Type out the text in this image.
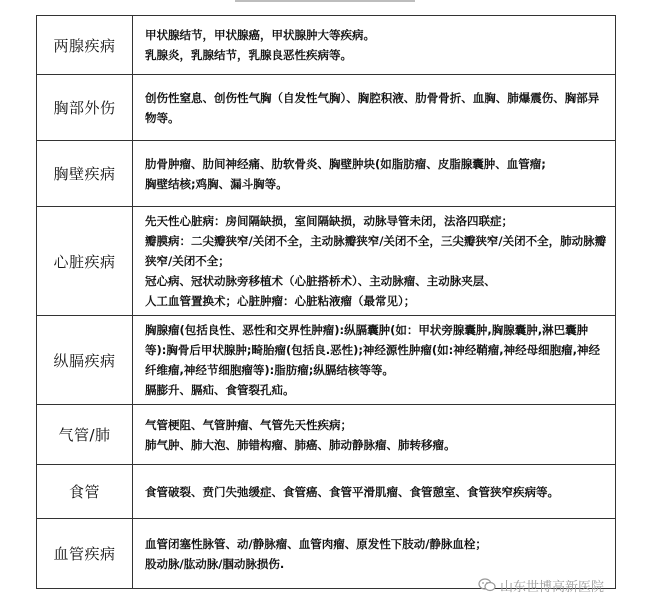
两腺疾病	甲状腺结节，甲状腺癌，甲状腺肿大等疾病。
乳腺炎，乳腺结节，乳腺良恶性疾病等。

胸部外伤	创伤性窒息、创伤性气胸（自发性气胸）、胸腔积液、肋骨骨折、血胸、肺爆震伤、胸部异物等。

胸壁疾病	肋骨肿瘤、肋间神经痛、肋软骨炎、胸壁肿块(如脂肪瘤、皮脂腺囊肿、血管瘤;
胸壁结核;鸡胸、漏斗胸等。

心脏疾病	先天性心脏病：房间隔缺损，室间隔缺损，动脉导管未闭，法洛四联症；
瓣膜病：二尖瓣狭窄/关闭不全，主动脉瓣狭窄/关闭不全，三尖瓣狭窄/关闭不全，肺动脉瓣狭窄/关闭不全；
冠心病、冠状动脉旁移植术（心脏搭桥术）、主动脉瘤、主动脉夹层、
人工血管置换术；心脏肿瘤：心脏粘液瘤（最常见）；

纵膈疾病	胸腺瘤(包括良性、恶性和交界性肿瘤):纵膈囊肿(如：甲状旁腺囊肿,胸腺囊肿,淋巴囊肿等):胸骨后甲状腺肿;畸胎瘤(包括良.恶性);神经源性肿瘤(如:神经鞘瘤,神经母细胞瘤,神经纤维瘤,神经节细胞瘤等):脂肪瘤;纵膈结核等等。
膈膨升、膈疝、食管裂孔疝。

气管/肺	气管梗阻、气管肿瘤、气管先天性疾病；
肺气肿、肺大泡、肺错构瘤、肺癌、肺动静脉瘤、肺转移瘤。

食管	食管破裂、贲门失弛缓症、食管癌、食管平滑肌瘤、食管憩室、食管狭窄疾病等。

血管疾病	血管闭塞性脉管、动/静脉瘤、血管肉瘤、原发性下肢动/静脉血栓；
股动脉/肱动脉/腘动脉损伤.
山东世博高新医院
